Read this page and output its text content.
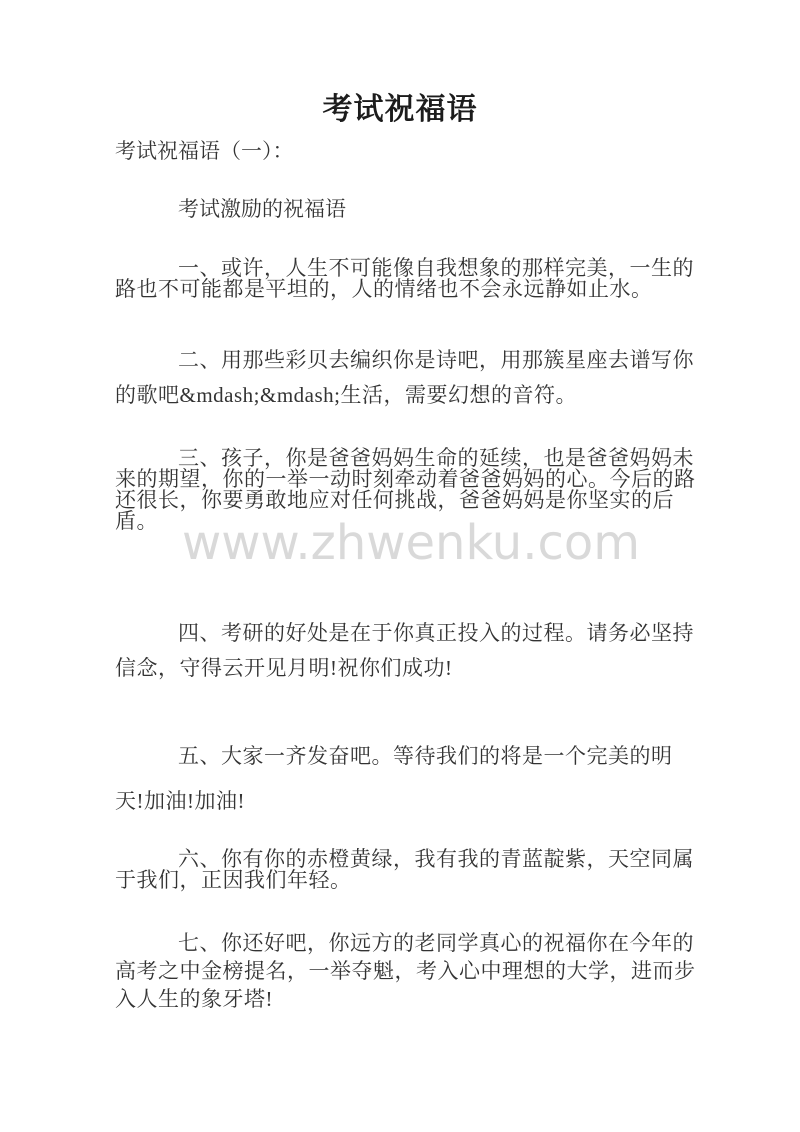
考试祝福语

考试祝福语（一）：

考试激励的祝福语

一、或许，人生不可能像自我想象的那样完美，一生的路也不可能都是平坦的，人的情绪也不会永远静如止水。

二、用那些彩贝去编织你是诗吧，用那簇星座去谱写你的歌吧&mdash;&mdash;生活，需要幻想的音符。

三、孩子，你是爸爸妈妈生命的延续，也是爸爸妈妈未来的期望，你的一举一动时刻牵动着爸爸妈妈的心。今后的路还很长，你要勇敢地应对任何挑战，爸爸妈妈是你坚实的后盾。 www.zhwenku.com

四、考研的好处是在于你真正投入的过程。请务必坚持信念，守得云开见月明!祝你们成功!

五、大家一齐发奋吧。等待我们的将是一个完美的明天!加油!加油!

六、你有你的赤橙黄绿，我有我的青蓝靛紫，天空同属于我们，正因我们年轻。

七、你还好吧，你远方的老同学真心的祝福你在今年的高考之中金榜提名，一举夺魁，考入心中理想的大学，进而步入人生的象牙塔!
